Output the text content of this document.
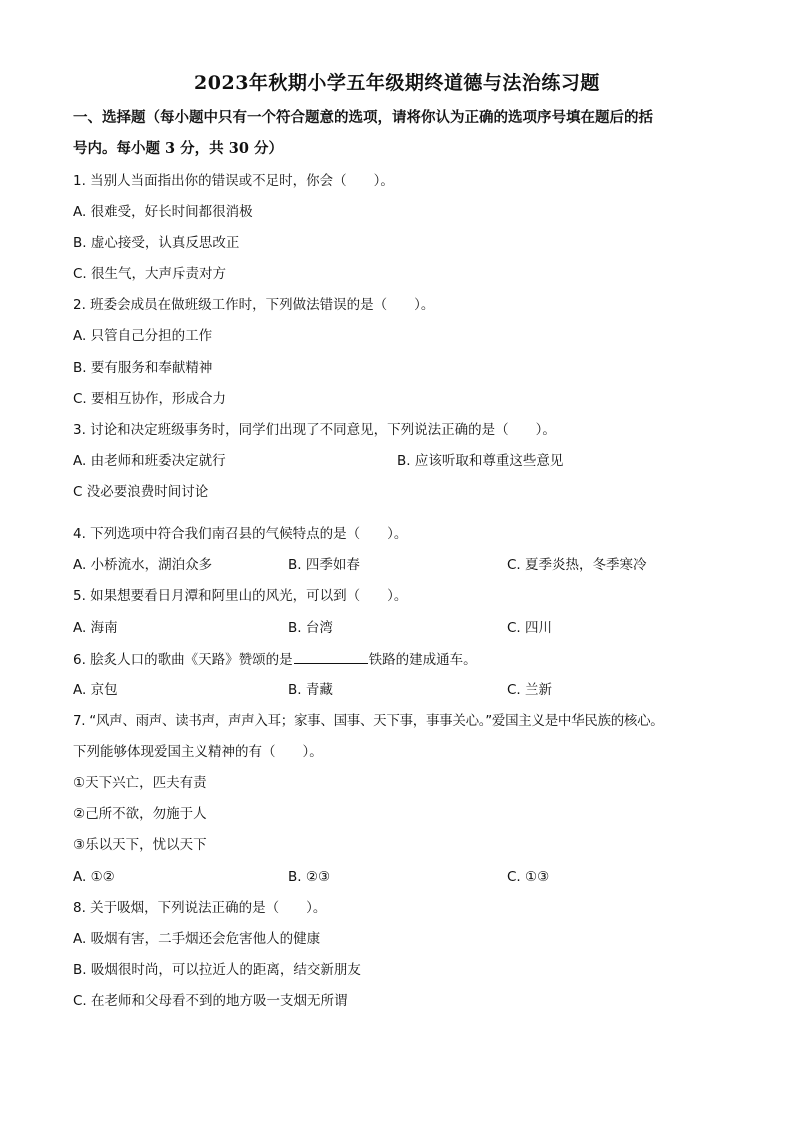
2023年秋期小学五年级期终道德与法治练习题
一、选择题（每小题中只有一个符合题意的选项，请将你认为正确的选项序号填在题后的括
号内。每小题 3 分，共 30 分）
1. 当别人当面指出你的错误或不足时，你会（　　）。
A. 很难受，好长时间都很消极
B. 虚心接受，认真反思改正
C. 很生气，大声斥责对方
2. 班委会成员在做班级工作时，下列做法错误的是（　　）。
A. 只管自己分担的工作
B. 要有服务和奉献精神
C. 要相互协作，形成合力
3. 讨论和决定班级事务时，同学们出现了不同意见，下列说法正确的是（　　）。
A. 由老师和班委决定就行	B. 应该听取和尊重这些意见
C 没必要浪费时间讨论
4. 下列选项中符合我们南召县的气候特点的是（　　）。
A. 小桥流水，湖泊众多	B. 四季如春	C. 夏季炎热，冬季寒冷
5. 如果想要看日月潭和阿里山的风光，可以到（　　）。
A. 海南	B. 台湾	C. 四川
6. 脍炙人口的歌曲《天路》赞颂的是	铁路的建成通车。
A. 京包	B. 青藏	C. 兰新
7. “风声、雨声、读书声，声声入耳；家事、国事、天下事，事事关心。”爱国主义是中华民族的核心。
下列能够体现爱国主义精神的有（　　）。
①天下兴亡，匹夫有责
②己所不欲，勿施于人
③乐以天下，忧以天下
A. ①②	B. ②③	C. ①③
8. 关于吸烟，下列说法正确的是（　　）。
A. 吸烟有害，二手烟还会危害他人的健康
B. 吸烟很时尚，可以拉近人的距离，结交新朋友
C. 在老师和父母看不到的地方吸一支烟无所谓
